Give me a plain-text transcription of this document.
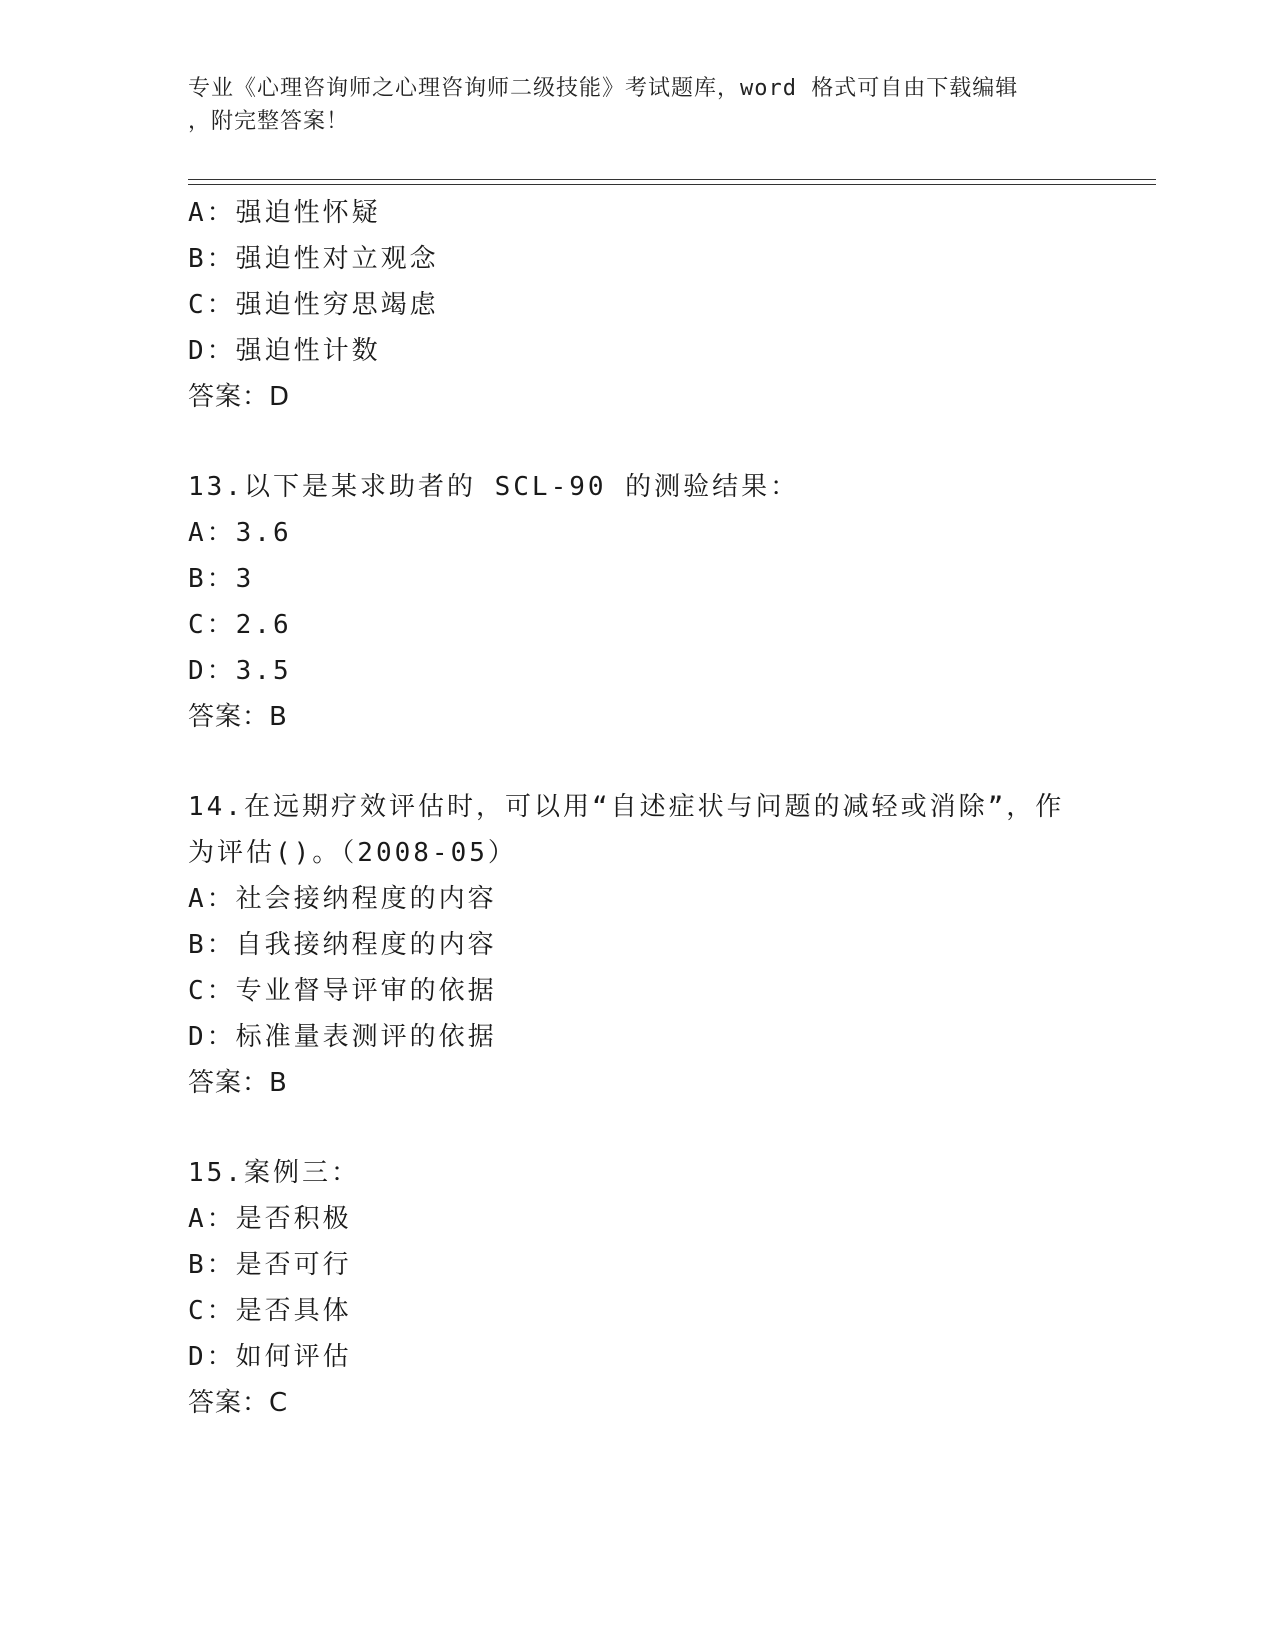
专业《心理咨询师之心理咨询师二级技能》考试题库，word 格式可自由下载编辑
，附完整答案！
A：强迫性怀疑
B：强迫性对立观念
C：强迫性穷思竭虑
D：强迫性计数
答案：D
13.以下是某求助者的 SCL-90 的测验结果：
A：3.6
B：3
C：2.6
D：3.5
答案：B
14.在远期疗效评估时，可以用“自述症状与问题的减轻或消除”，作
为评估()。（2008-05）
A：社会接纳程度的内容
B：自我接纳程度的内容
C：专业督导评审的依据
D：标准量表测评的依据
答案：B
15.案例三：
A：是否积极
B：是否可行
C：是否具体
D：如何评估
答案：C
